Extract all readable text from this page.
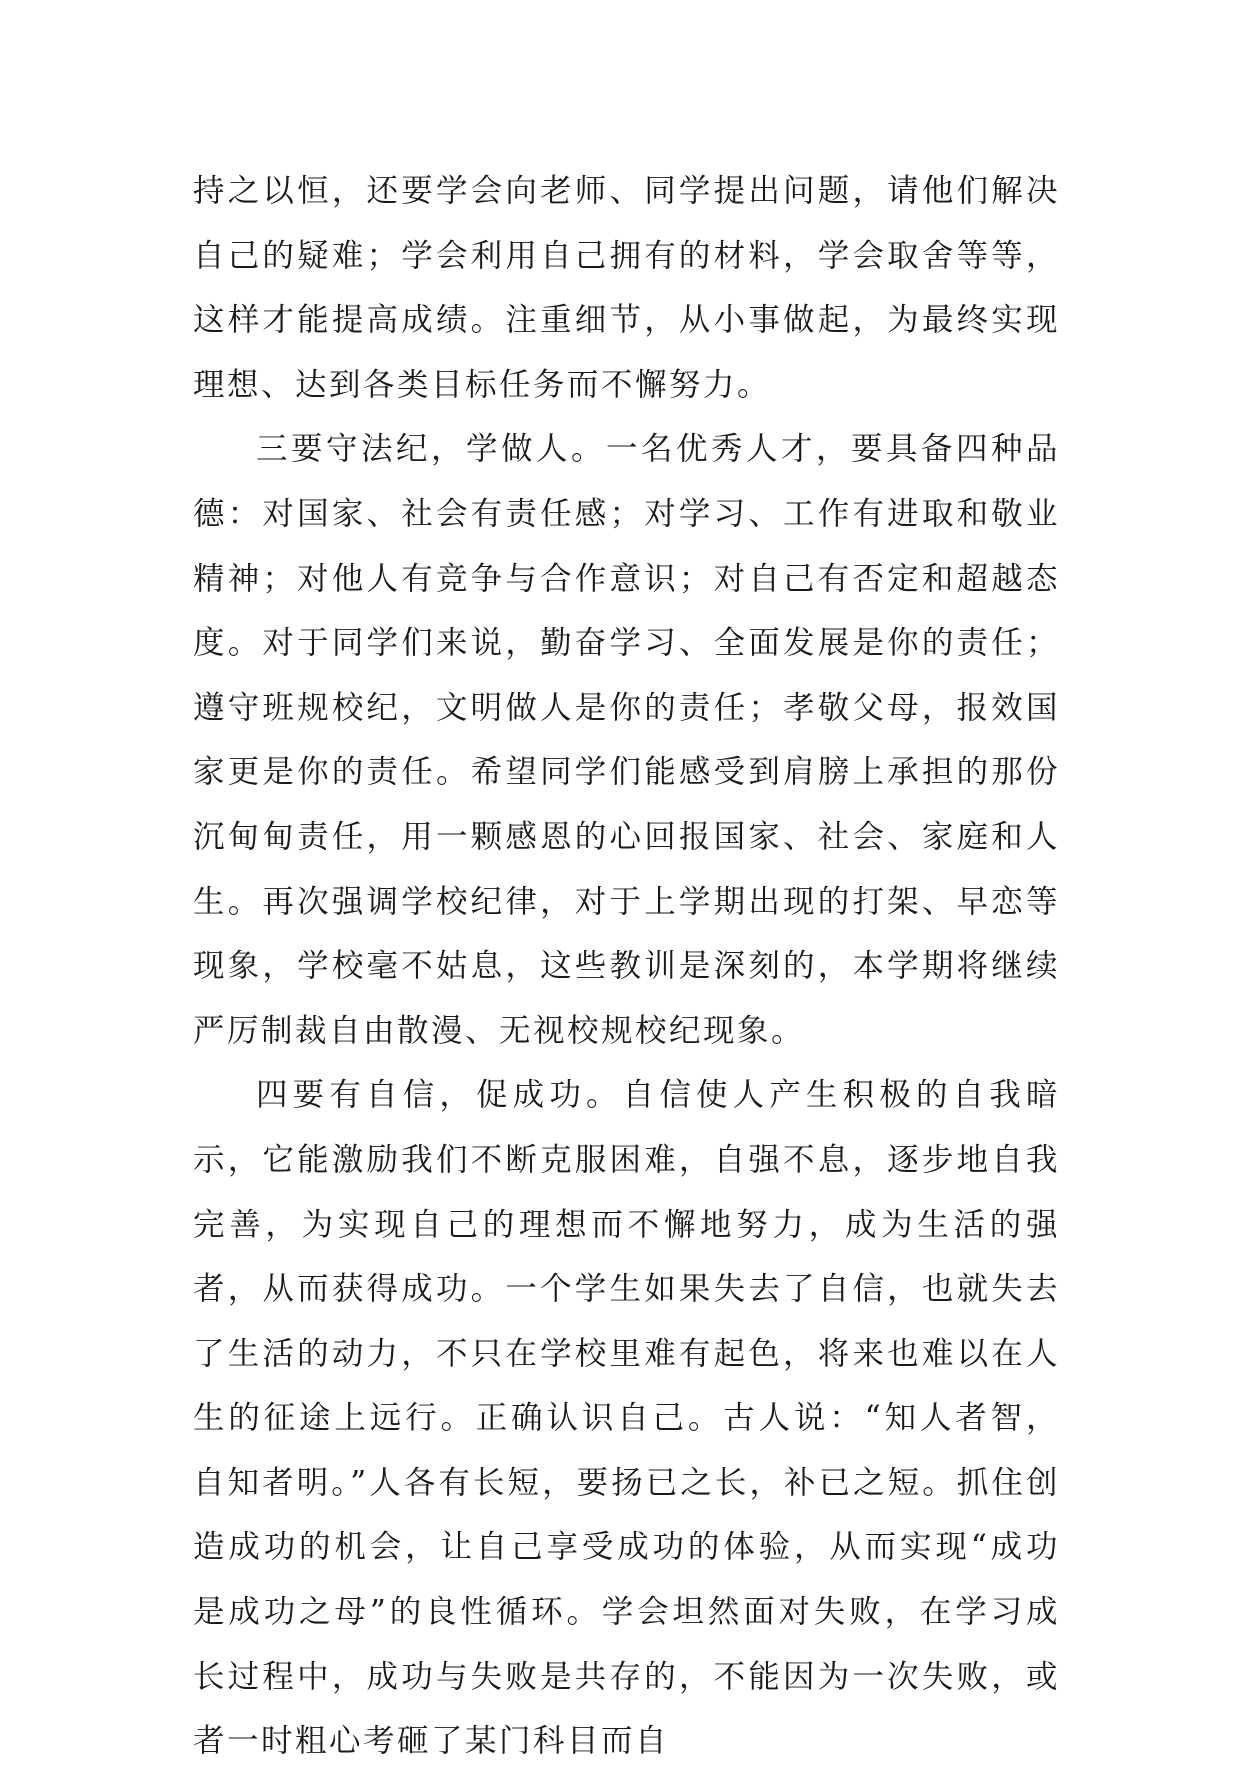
持之以恒，还要学会向老师、同学提出问题，请他们解决自己的疑难；学会利用自己拥有的材料，学会取舍等等，这样才能提高成绩。注重细节，从小事做起，为最终实现理想、达到各类目标任务而不懈努力。

三要守法纪，学做人。一名优秀人才，要具备四种品德：对国家、社会有责任感；对学习、工作有进取和敬业精神；对他人有竞争与合作意识；对自己有否定和超越态度。对于同学们来说，勤奋学习、全面发展是你的责任；遵守班规校纪，文明做人是你的责任；孝敬父母，报效国家更是你的责任。希望同学们能感受到肩膀上承担的那份沉甸甸责任，用一颗感恩的心回报国家、社会、家庭和人生。再次强调学校纪律，对于上学期出现的打架、早恋等现象，学校毫不姑息，这些教训是深刻的，本学期将继续严厉制裁自由散漫、无视校规校纪现象。

四要有自信，促成功。自信使人产生积极的自我暗示，它能激励我们不断克服困难，自强不息，逐步地自我完善，为实现自己的理想而不懈地努力，成为生活的强者，从而获得成功。一个学生如果失去了自信，也就失去了生活的动力，不只在学校里难有起色，将来也难以在人生的征途上远行。正确认识自己。古人说：“知人者智，自知者明。”人各有长短，要扬已之长，补已之短。抓住创造成功的机会，让自己享受成功的体验，从而实现“成功是成功之母”的良性循环。学会坦然面对失败，在学习成长过程中，成功与失败是共存的，不能因为一次失败，或者一时粗心考砸了某门科目而自
